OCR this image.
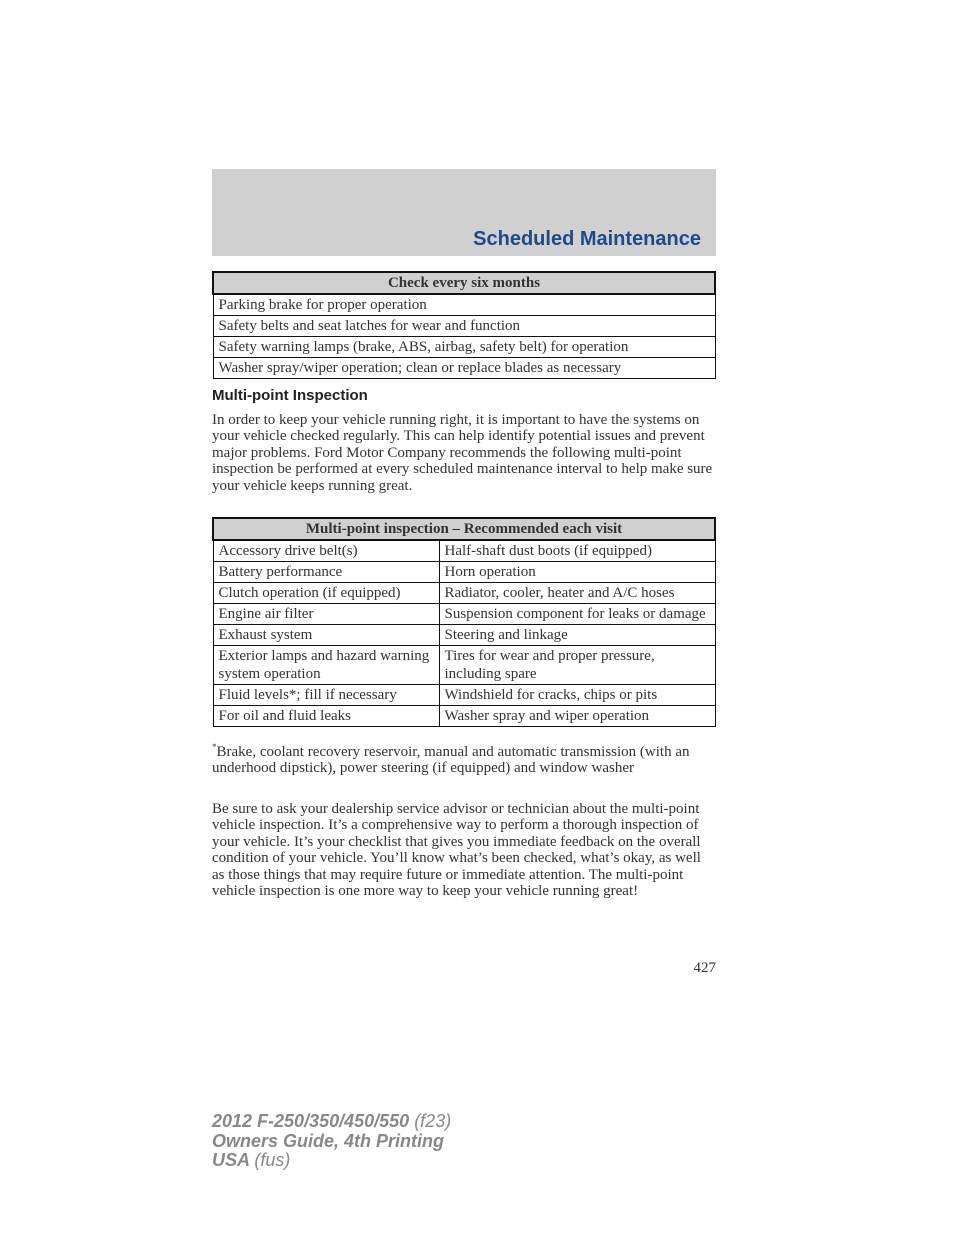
Scheduled Maintenance
Check every six months
Parking brake for proper operation
Safety belts and seat latches for wear and function
Safety warning lamps (brake, ABS, airbag, safety belt) for operation
Washer spray/wiper operation; clean or replace blades as necessary
Multi-point Inspection

In order to keep your vehicle running right, it is important to have the systems on your vehicle checked regularly. This can help identify potential issues and prevent major problems. Ford Motor Company recommends the following multi-point inspection be performed at every scheduled maintenance interval to help make sure your vehicle keeps running great.

Multi-point inspection – Recommended each visit	
Accessory drive belt(s)	Half-shaft dust boots (if equipped)
Battery performance	Horn operation
Clutch operation (if equipped)	Radiator, cooler, heater and A/C hoses
Engine air filter	Suspension component for leaks or damage
Exhaust system	Steering and linkage
Exterior lamps and hazard warning system operation	Tires for wear and proper pressure, including spare
Fluid levels*; fill if necessary	Windshield for cracks, chips or pits
For oil and fluid leaks	Washer spray and wiper operation

*Brake, coolant recovery reservoir, manual and automatic transmission (with an underhood dipstick), power steering (if equipped) and window washer

Be sure to ask your dealership service advisor or technician about the multi-point vehicle inspection. It’s a comprehensive way to perform a thorough inspection of your vehicle. It’s your checklist that gives you immediate feedback on the overall condition of your vehicle. You’ll know what’s been checked, what’s okay, as well as those things that may require future or immediate attention. The multi-point vehicle inspection is one more way to keep your vehicle running great!

427
2012 F-250/350/450/550 (f23)
Owners Guide, 4th Printing
USA (fus)
